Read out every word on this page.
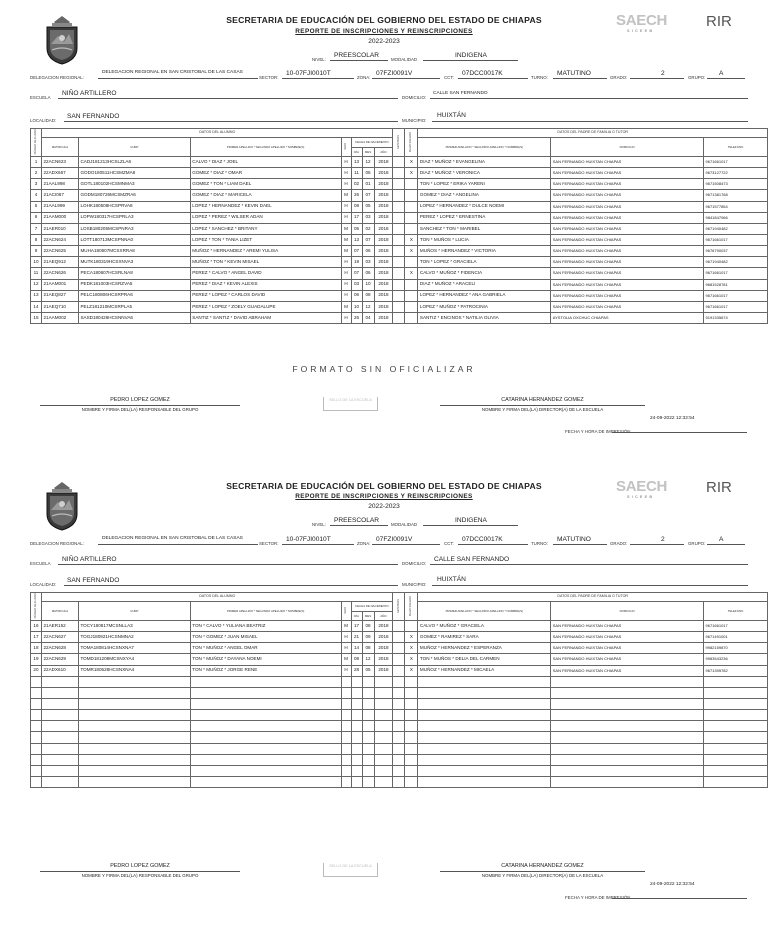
SECRETARIA DE EDUCACIÓN DEL GOBIERNO DEL ESTADO DE CHIAPAS
REPORTE DE INSCRIPCIONES Y REINSCRIPCIONES
2022-2023
SAECH
SICEEB
RIR
NIVEL:
PREESCOLAR
MODALIDAD
INDIGENA
DELEGACION REGIONAL:
DELEGACION REGIONAL EN SAN CRISTOBAL DE LAS CASAS
SECTOR:
10-07FJI0010T
ZONA:
07FZI0091V
CCT:
07DCC0017K
TURNO:
MATUTINO
GRADO:
2
GRUPO:
A
ESCUELA
NIÑO ARTILLERO
DOMICILIO:
CALLE SAN FERNANDO
LOCALIDAD:
SAN FERNANDO
MUNICIPIO:
HUIXTÁN
NÚMERO DE ALUMNO	DATOS DEL ALUMNO							REPETIDOR	NUEVO INGRESO	DATOS DEL PADRE DE FAMILIA O TUTOR		
	MATRICULA	CURP	PRIMER APELLIDO * SEGUNDO APELLIDO * NOMBRE(S)	SEXO	FECHA DE NACIMIENTO					PRIMER APELLIDO * SEGUNDO APELLIDO * NOMBRE(S)	DOMICILIO	TELEFONO
					DÍA	MES	AÑO					
1	22ACN623	CADJ181213HCSLZLA6	CALVO * DIAZ * JOEL	H	13	12	2018		X	DIAZ * MUÑOZ * EVANGELINA	SAN FERNANDO HUIXTAN CHIAPAS	9671661017
2	22ADX667	GODO180511HCSMZMA8	GOMEZ * DIAZ * OMAR	H	11	05	2018		X	DIAZ * MUÑOZ * VERONICA	SAN FERNANDO HUIXTAN CHIAPAS	9673127722
3	21AAL998	GOTL180102HCSMNMA3	GOMEZ * TON * LIAM DAEL	H	02	01	2018			TON * LOPEZ * ERIKA YARENI	SAN FERNANDO HUIXTAN CHIAPAS	9671508473
4	21ACI067	GODM180726MCSMZRA6	GOMEZ * DIAZ * MARICELA	M	26	07	2018			GOMEZ * DIAZ * ANGELINA	SAN FERNANDO HUIXTAN CHIAPAS	9671381768
5	21AAL999	LOHK180508HCSPRVA8	LOPEZ * HERNANDEZ * KEVIN DAEL	H	08	05	2018			LOPEZ * HERNANDEZ * DULCE NOEMI	SAN FERNANDO HUIXTAN CHIAPAS	9671577854
6	21AAM000	LOPW180317HCSPRLA3	LOPEZ * PEREZ * WILSER ADAN	H	17	03	2018			PEREZ * LOPEZ * ERNESTINA	SAN FERNANDO HUIXTAN CHIAPAS	9841847066
7	21AER010	LOSB180205MCSPNRA3	LOPEZ * SANCHEZ * BRITANY	M	05	02	2018			SANCHEZ * TON * MARIBEL	SAN FERNANDO HUIXTAN CHIAPAS	9671940482
8	22ACN624	LOTT180713MCSPNNA0	LOPEZ * TON * TANIA LIZET	M	13	07	2018		X	TON * MUÑOS * LUCIA	SAN FERNANDO HUIXTAN CHIAPAS	9671661017
9	22ACN625	MUHA180607MCSXRRA8	MUÑOZ * HERNANDEZ * AREMI YULISA	M	07	06	2018		X	MUÑOS * HERNANDEZ * VICTORIA	SAN FERNANDO HUIXTAN CHIAPAS	9676790037
10	21AEQ912	MUTK180319HCSXNVA3	MUÑOZ * TON * KEVIN MISAEL	H	19	03	2018			TON * LOPEZ * GRACIELA	SAN FERNANDO HUIXTAN CHIAPAS	9671940482
11	22ACN626	PECA180607HCSRLNA8	PEREZ * CALVO * ANGEL DAVID	H	07	06	2018		X	CALVO * MUÑOZ * FIDENCIA	SAN FERNANDO HUIXTAN CHIAPAS	9671661017
12	21AAM001	PEDK181003HCSRZVA5	PEREZ * DIAZ * KEVIN ALEXIS	H	03	10	2018			DIAZ * MUÑOZ * ARACELI	SAN FERNANDO HUIXTAN CHIAPAS	9681528781
13	21AEQ827	PELC180806HCSRPRA6	PEREZ * LOPEZ * CARLOS DAVID	H	06	08	2018			LOPEZ * HERNANDEZ * ANA GABRIELA	SAN FERNANDO HUIXTAN CHIAPAS	9671661017
14	21AEQ710	PELZ181210MCSRPLA5	PEREZ * LOPEZ * ZOELY GUADALUPE	M	10	12	2018			LOPEZ * MUÑOZ * PATROCINIA	SAN FERNANDO HUIXTAN CHIAPAS	9671661017
15	21AAM002	SASD180426HCSNNVA6	SANTIZ * SANTIZ * DAVID ABRAHAM	H	26	04	2018			SANTIZ * ENCINOS * NATILIA OLIVIA	AYSTOLIA OXCHUC CHIAPAS	9191335674
FORMATO SIN OFICIALIZAR
PEDRO LOPEZ GOMEZ
NOMBRE Y FIRMA DEL(LA) RESPONSABLE DEL GRUPO
SELLO DE LA ESCUELA	CATARINA HERNANDEZ GOMEZ
NOMBRE Y FIRMA DEL(LA) DIRECTOR(A) DE LA ESCUELA
24-09-2022 12:32:54
FECHA Y HORA DE IMPRESIÓN
SECRETARIA DE EDUCACIÓN DEL GOBIERNO DEL ESTADO DE CHIAPAS
REPORTE DE INSCRIPCIONES Y REINSCRIPCIONES
2022-2023
SAECH
SICEEB
RIR
NIVEL:
PREESCOLAR
MODALIDAD
INDIGENA
DELEGACION REGIONAL:
DELEGACION REGIONAL EN SAN CRISTOBAL DE LAS CASAS
SECTOR:
10-07FJI0010T
ZONA:
07FZI0091V
CCT:
07DCC0017K
TURNO:
MATUTINO
GRADO:
2
GRUPO:
A
ESCUELA
NIÑO ARTILLERO
DOMICILIO:
CALLE SAN FERNANDO
LOCALIDAD:
SAN FERNANDO
MUNICIPIO:
HUIXTÁN
NÚMERO DE ALUMNO	DATOS DEL ALUMNO							REPETIDOR	NUEVO INGRESO	DATOS DEL PADRE DE FAMILIA O TUTOR		
	MATRICULA	CURP	PRIMER APELLIDO * SEGUNDO APELLIDO * NOMBRE(S)	SEXO	FECHA DE NACIMIENTO					PRIMER APELLIDO * SEGUNDO APELLIDO * NOMBRE(S)	DOMICILIO	TELEFONO
					DÍA	MES	AÑO					
16	21AER152	TOCY180817MCSNLLA3	TON * CALVO * YULIANA BEATRIZ	M	17	08	2018			CALVO * MUÑOZ * GRACIELA	SAN FERNANDO HUIXTAN CHIAPAS	9671661017
17	22ACN627	TOGJ180921HCSNMNA2	TON * GOMEZ * JUAN MISAEL	H	21	09	2018		X	GOMEZ * RAMIREZ * SARA	SAN FERNANDO HUIXTAN CHIAPAS	9671491001
18	22ACN628	TOMA180814HCSNXNA7	TON * MUÑOZ * ANGEL OMAR	H	14	08	2018		X	MUÑOZ * HERNANDEZ * ESPERANZA	SAN FERNANDO HUIXTAN CHIAPAS	9982159870
19	22ACN629	TOMD181208MCSNXYA4	TON * MUÑOZ * DAYANA NOEMI	M	08	12	2018		X	TON * MUÑOS * DELIA DEL CARMEN	SAN FERNANDO HUIXTAN CHIAPAS	9983543236
20	22ADX610	TOMR180528HCSNXNA4	TON * MUÑOZ * JORGE RENE	H	28	05	2018		X	MUÑOZ * HERNANDEZ * MICAELA	SAN FERNANDO HUIXTAN CHIAPAS	9671395782

PEDRO LOPEZ GOMEZ
NOMBRE Y FIRMA DEL(LA) RESPONSABLE DEL GRUPO
SELLO DE LA ESCUELA	CATARINA HERNANDEZ GOMEZ
NOMBRE Y FIRMA DEL(LA) DIRECTOR(A) DE LA ESCUELA
24-09-2022 12:32:54
FECHA Y HORA DE IMPRESIÓN
